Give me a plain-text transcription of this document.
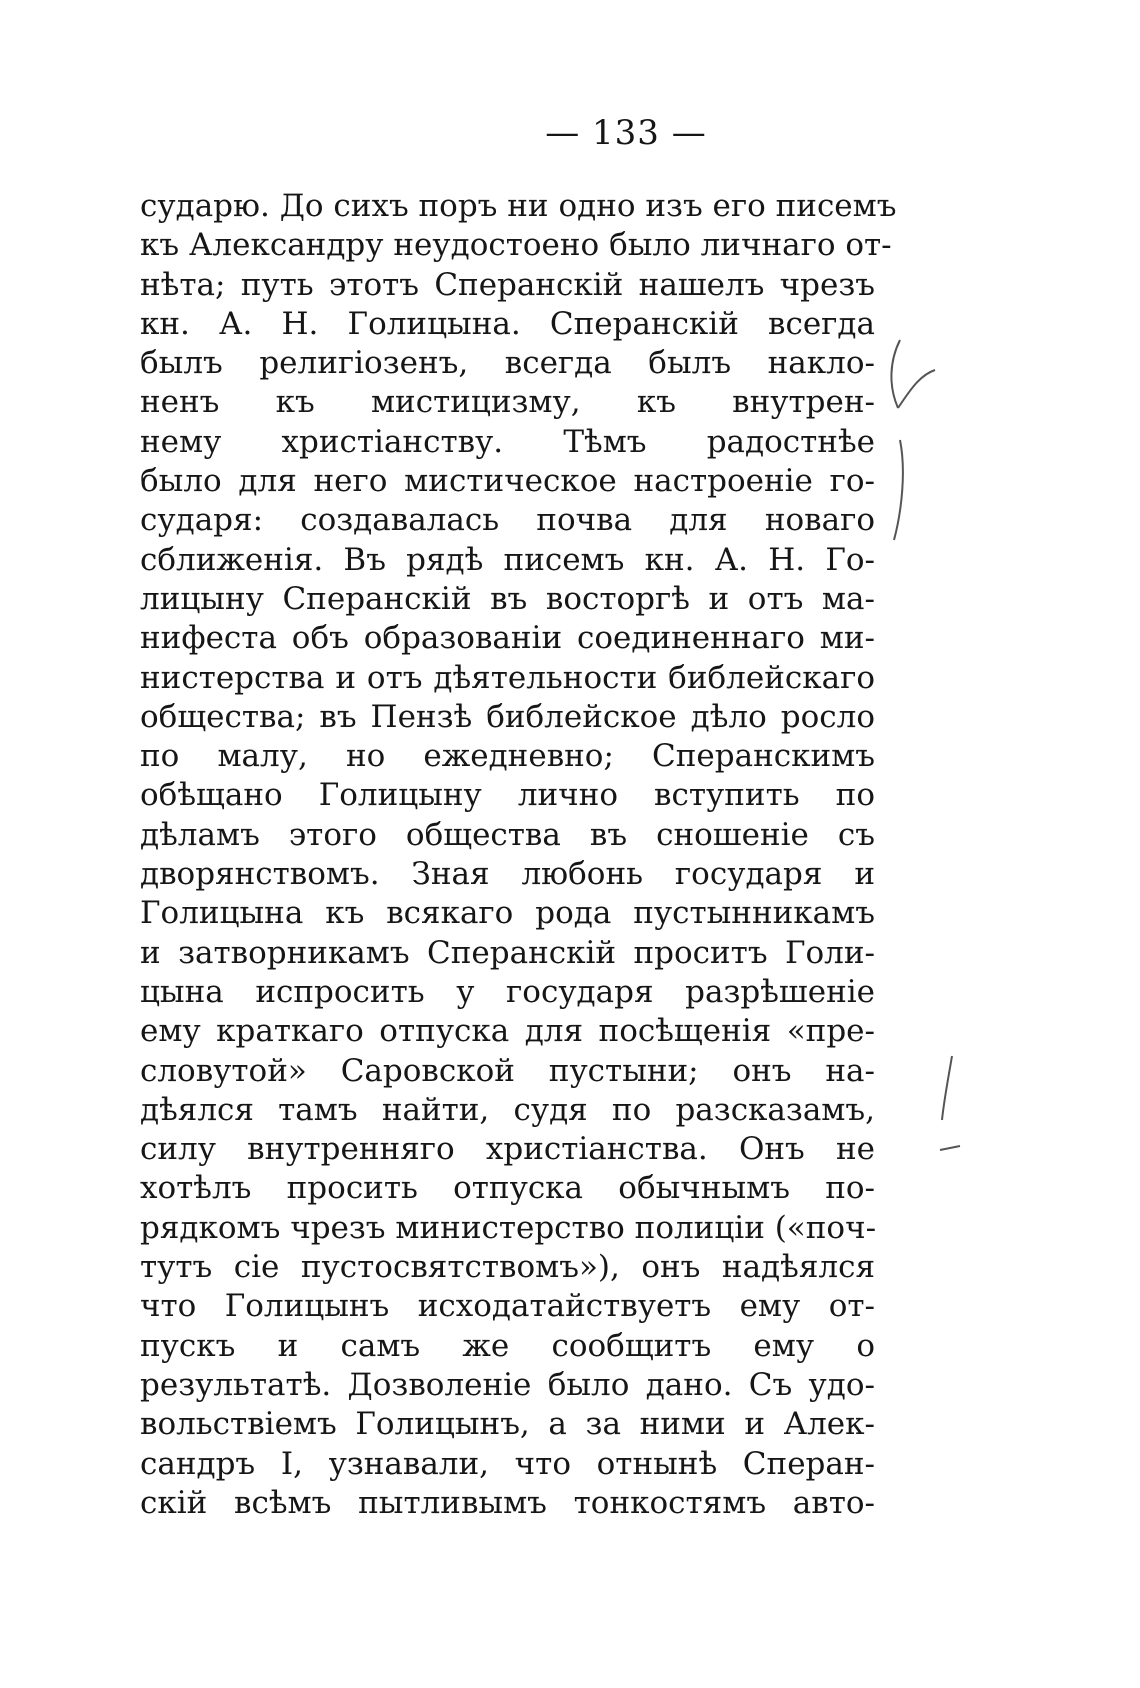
— 133 —
сударю. До сихъ поръ ни одно изъ его писемъ
къ Александру неудостоено было личнаго от-
нѣта; путь этотъ Сперанскій нашелъ чрезъ
кн. А. Н. Голицына. Сперанскій всегда
былъ религіозенъ, всегда былъ накло-
ненъ къ мистицизму, къ внутрен-
нему христіанству. Тѣмъ радостнѣе
было для него мистическое настроеніе го-
сударя: создавалась почва для новаго
сближенія. Въ рядѣ писемъ кн. А. Н. Го-
лицыну Сперанскій въ восторгѣ и отъ ма-
нифеста объ образованіи соединеннаго ми-
нистерства и отъ дѣятельности библейскаго
общества; въ Пензѣ библейское дѣло росло
по малу, но ежедневно; Сперанскимъ
обѣщано Голицыну лично вступить по
дѣламъ этого общества въ сношеніе съ
дворянствомъ. Зная любонь государя и
Голицына къ всякаго рода пустынникамъ
и затворникамъ Сперанскій проситъ Голи-
цына испросить у государя разрѣшеніе
ему краткаго отпуска для посѣщенія «пре-
словутой» Саровской пустыни; онъ на-
дѣялся тамъ найти, судя по разсказамъ,
силу внутренняго христіанства. Онъ не
хотѣлъ просить отпуска обычнымъ по-
рядкомъ чрезъ министерство полиціи («поч-
тутъ сіе пустосвятствомъ»), онъ надѣялся
что Голицынъ исходатайствуетъ ему от-
пускъ и самъ же сообщитъ ему о
результатѣ. Дозволеніе было дано. Съ удо-
вольствіемъ Голицынъ, а за ними и Алек-
сандръ I, узнавали, что отнынѣ Сперан-
скій всѣмъ пытливымъ тонкостямъ авто-
